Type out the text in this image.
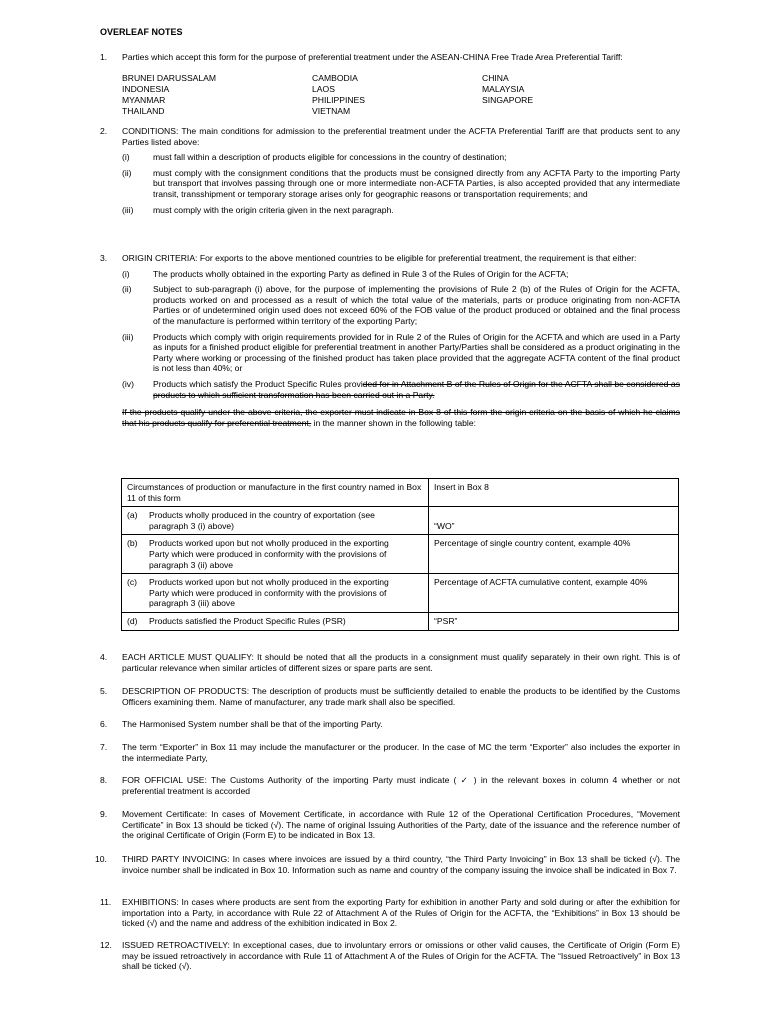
OVERLEAF NOTES
1.	Parties which accept this form for the purpose of preferential treatment under the ASEAN-CHINA Free Trade Area Preferential Tariff:
BRUNEI DARUSSALAM	CAMBODIA	CHINA
INDONESIA	LAOS	MALAYSIA
MYANMAR	PHILIPPINES	SINGAPORE
THAILAND	VIETNAM
2.	CONDITIONS: The main conditions for admission to the preferential treatment under the ACFTA Preferential Tariff are that products sent to any Parties listed above:
(i)	must fall within a description of products eligible for concessions in the country of destination;
(ii) must comply with the consignment conditions that the products must be consigned directly from any ACFTA Party to the importing Party but transport that involves passing through one or more intermediate non-ACFTA Parties, is also accepted provided that any intermediate transit, transshipment or temporary storage arises only for geographic reasons or transportation requirements; and
(iii) must comply with the origin criteria given in the next paragraph.
3.	ORIGIN CRITERIA: For exports to the above mentioned countries to be eligible for preferential treatment, the requirement is that either:
(i)	The products wholly obtained in the exporting Party as defined in Rule 3 of the Rules of Origin for the ACFTA;
(ii) Subject to sub-paragraph (i) above, for the purpose of implementing the provisions of Rule 2 (b) of the Rules of Origin for the ACFTA, products worked on and processed as a result of which the total value of the materials, parts or produce originating from non-ACFTA Parties or of undetermined origin used does not exceed 60% of the FOB value of the product produced or obtained and the final process of the manufacture is performed within territory of the exporting Party;
(iii) Products which comply with origin requirements provided for in Rule 2 of the Rules of Origin for the ACFTA and which are used in a Party as inputs for a finished product eligible for preferential treatment in another Party/Parties shall be considered as a product originating in the Party where working or processing of the finished product has taken place provided that the aggregate ACFTA content of the final product is not less than 40%; or
(iv) Products which satisfy the Product Specific Rules provided for in Attachment B of the Rules of Origin for the ACFTA shall be considered as products to which sufficient transformation has been carried out in a Party.
If the products qualify under the above criteria, the exporter must indicate in Box 8 of this form the origin criteria on the basis of which he claims that his products qualify for preferential treatment, in the manner shown in the following table:
Circumstances of production or manufacture in the first country named in Box 11 of this form	Insert in Box 8
(a) Products wholly produced in the country of exportation (see paragraph 3 (i) above)	“WO”
(b) Products worked upon but not wholly produced in the exporting Party which were produced in conformity with the provisions of paragraph 3 (ii) above	Percentage of single country content, example 40%
(c) Products worked upon but not wholly produced in the exporting Party which were produced in conformity with the provisions of paragraph 3 (iii) above	Percentage of ACFTA cumulative content, example 40%
(d) Products satisfied the Product Specific Rules (PSR)	“PSR”
4.	EACH ARTICLE MUST QUALIFY: It should be noted that all the products in a consignment must qualify separately in their own right. This is of particular relevance when similar articles of different sizes or spare parts are sent.
5.	DESCRIPTION OF PRODUCTS: The description of products must be sufficiently detailed to enable the products to be identified by the Customs Officers examining them. Name of manufacturer, any trade mark shall also be specified.
6.	The Harmonised System number shall be that of the importing Party.
7.	The term “Exporter” in Box 11 may include the manufacturer or the producer. In the case of MC the term “Exporter” also includes the exporter in the intermediate Party,
8.	FOR OFFICIAL USE: The Customs Authority of the importing Party must indicate ( ✓ ) in the relevant boxes in column 4 whether or not preferential treatment is accorded
9.	Movement Certificate: In cases of Movement Certificate, in accordance with Rule 12 of the Operational Certification Procedures, “Movement Certificate” in Box 13 should be ticked (√). The name of original Issuing Authorities of the Party, date of the issuance and the reference number of the original Certificate of Origin (Form E) to be indicated in Box 13.
10.	THIRD PARTY INVOICING: In cases where invoices are issued by a third country, “the Third Party Invoicing” in Box 13 shall be ticked (√). The invoice number shall be indicated in Box 10. Information such as name and country of the company issuing the invoice shall be indicated in Box 7.
11.	EXHIBITIONS: In cases where products are sent from the exporting Party for exhibition in another Party and sold during or after the exhibition for importation into a Party, in accordance with Rule 22 of Attachment A of the Rules of Origin for the ACFTA, the “Exhibitions” in Box 13 should be ticked (√) and the name and address of the exhibition indicated in Box 2.
12.	ISSUED RETROACTIVELY: In exceptional cases, due to involuntary errors or omissions or other valid causes, the Certificate of Origin (Form E) may be issued retroactively in accordance with Rule 11 of Attachment A of the Rules of Origin for the ACFTA. The “Issued Retroactively” in Box 13 shall be ticked (√).
